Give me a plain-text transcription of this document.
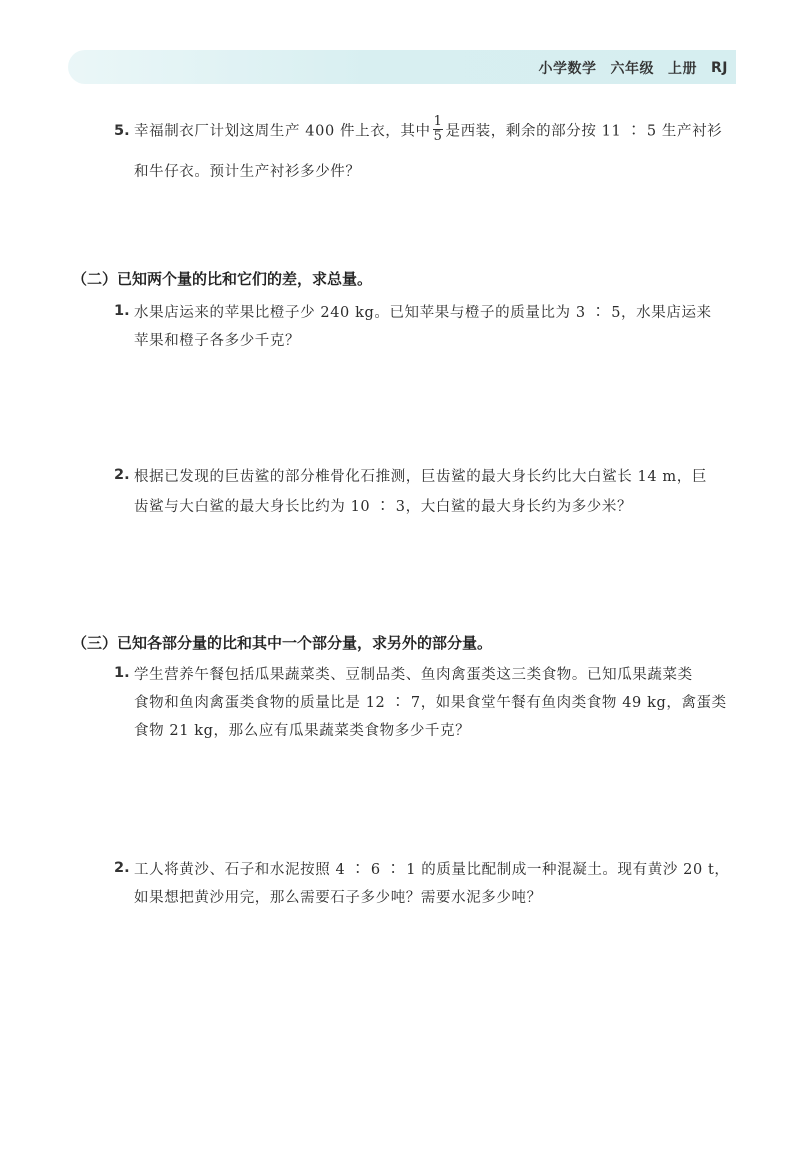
小学数学 六年级 上册 RJ
5. 幸福制衣厂计划这周生产 400 件上衣，其中 $\frac{1}{5}$ 是西装，剩余的部分按 11 ∶ 5 生产衬衫
和牛仔衣。预计生产衬衫多少件？
（二）已知两个量的比和它们的差，求总量。
1. 水果店运来的苹果比橙子少 240 kg。已知苹果与橙子的质量比为 3 ∶ 5，水果店运来
苹果和橙子各多少千克？
2. 根据已发现的巨齿鲨的部分椎骨化石推测，巨齿鲨的最大身长约比大白鲨长 14 m，巨
齿鲨与大白鲨的最大身长比约为 10 ∶ 3，大白鲨的最大身长约为多少米？
（三）已知各部分量的比和其中一个部分量，求另外的部分量。
1. 学生营养午餐包括瓜果蔬菜类、豆制品类、鱼肉禽蛋类这三类食物。已知瓜果蔬菜类
食物和鱼肉禽蛋类食物的质量比是 12 ∶ 7，如果食堂午餐有鱼肉类食物 49 kg，禽蛋类
食物 21 kg，那么应有瓜果蔬菜类食物多少千克？
2. 工人将黄沙、石子和水泥按照 4 ∶ 6 ∶ 1 的质量比配制成一种混凝土。现有黄沙 20 t，
如果想把黄沙用完，那么需要石子多少吨？需要水泥多少吨？
